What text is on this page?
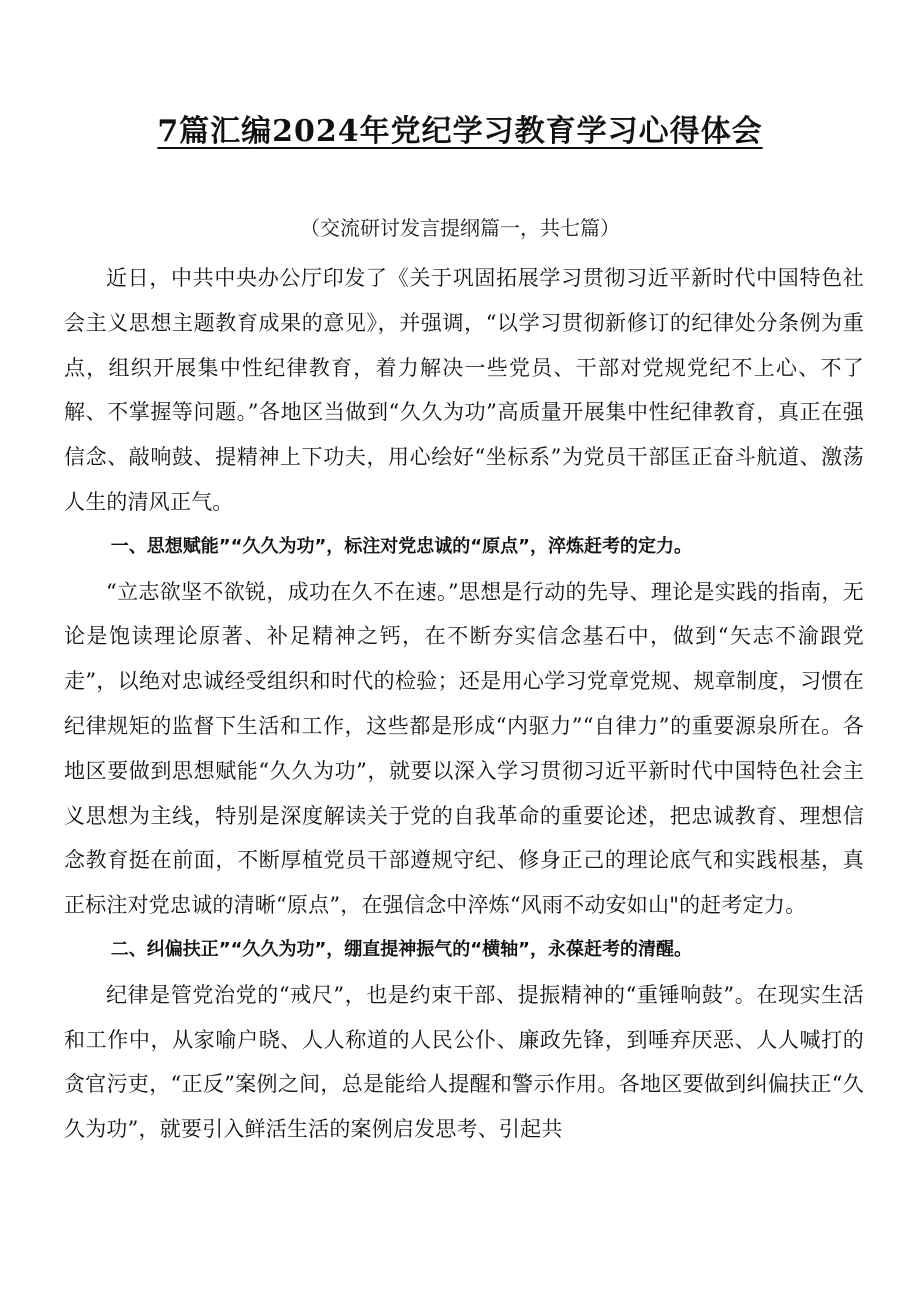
7篇汇编2024年党纪学习教育学习心得体会
（交流研讨发言提纲篇一，共七篇）

近日，中共中央办公厅印发了《关于巩固拓展学习贯彻习近平新时代中国特色社会主义思想主题教育成果的意见》，并强调，“以学习贯彻新修订的纪律处分条例为重点，组织开展集中性纪律教育，着力解决一些党员、干部对党规党纪不上心、不了解、不掌握等问题。”各地区当做到“久久为功”高质量开展集中性纪律教育，真正在强信念、敲响鼓、提精神上下功夫，用心绘好“坐标系”为党员干部匡正奋斗航道、激荡人生的清风正气。

一、思想赋能”“久久为功”，标注对党忠诚的“原点”，淬炼赶考的定力。

“立志欲坚不欲锐，成功在久不在速。”思想是行动的先导、理论是实践的指南，无论是饱读理论原著、补足精神之钙，在不断夯实信念基石中，做到“矢志不渝跟党走”，以绝对忠诚经受组织和时代的检验；还是用心学习党章党规、规章制度，习惯在纪律规矩的监督下生活和工作，这些都是形成“内驱力”“自律力”的重要源泉所在。各地区要做到思想赋能“久久为功”，就要以深入学习贯彻习近平新时代中国特色社会主义思想为主线，特别是深度解读关于党的自我革命的重要论述，把忠诚教育、理想信念教育挺在前面，不断厚植党员干部遵规守纪、修身正己的理论底气和实践根基，真正标注对党忠诚的清晰“原点”，在强信念中淬炼“风雨不动安如山"的赶考定力。

二、纠偏扶正”“久久为功”，绷直提神振气的“横轴”，永葆赶考的清醒。

纪律是管党治党的“戒尺”，也是约束干部、提振精神的“重锤响鼓”。在现实生活和工作中，从家喻户晓、人人称道的人民公仆、廉政先锋，到唾弃厌恶、人人喊打的贪官污吏，“正反”案例之间，总是能给人提醒和警示作用。各地区要做到纠偏扶正“久久为功”，就要引入鲜活生活的案例启发思考、引起共
